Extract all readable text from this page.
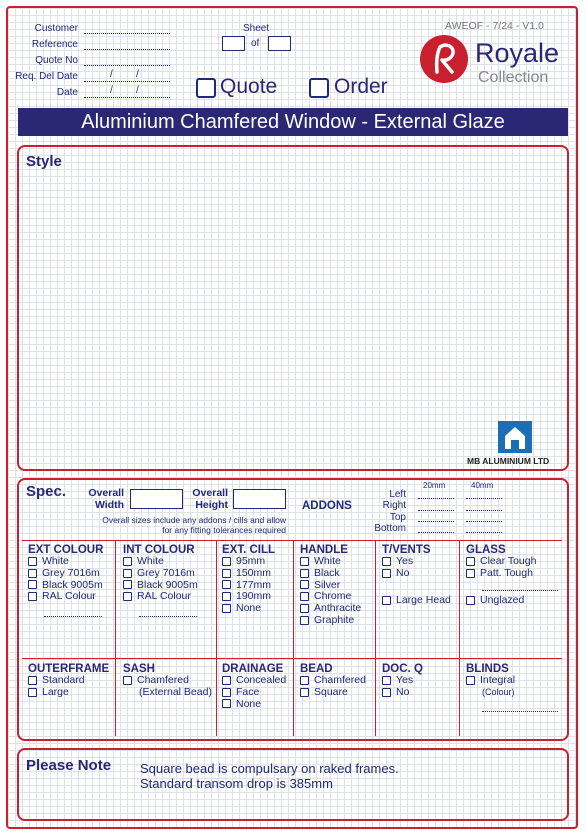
Customer
Reference
Quote No
Req. Del Date	/ /
Date	/ /
Sheet
of
Quote	Order
AWEOF - 7/24 - V1.0
Royale
Collection
Aluminium Chamfered Window - External Glaze
Style
MB ALUMINIUM LTD
Spec. Overall Width
Overall Height
Overall sizes include any addons / cills and allow for any fitting tolerances required
ADDONS
20mm	40mm
Left
Right
Top
Bottom
EXT COLOUR
White
Grey 7016m
Black 9005m
RAL Colour
INT COLOUR
White
Grey 7016m
Black 9005m
RAL Colour
EXT. CILL
95mm
150mm
177mm
190mm
None
HANDLE
White
Black
Silver
Chrome
Anthracite
Graphite
T/VENTS
Yes
No
Large Head
GLASS
Clear Tough
Patt. Tough
Unglazed
OUTERFRAME
Standard
Large
SASH
Chamfered
(External Bead)
DRAINAGE
Concealed
Face
None
BEAD
Chamfered
Square
DOC. Q
Yes
No
BLINDS
Integral
(Colour)
Please Note Square bead is compulsary on raked frames.
Standard transom drop is 385mm
